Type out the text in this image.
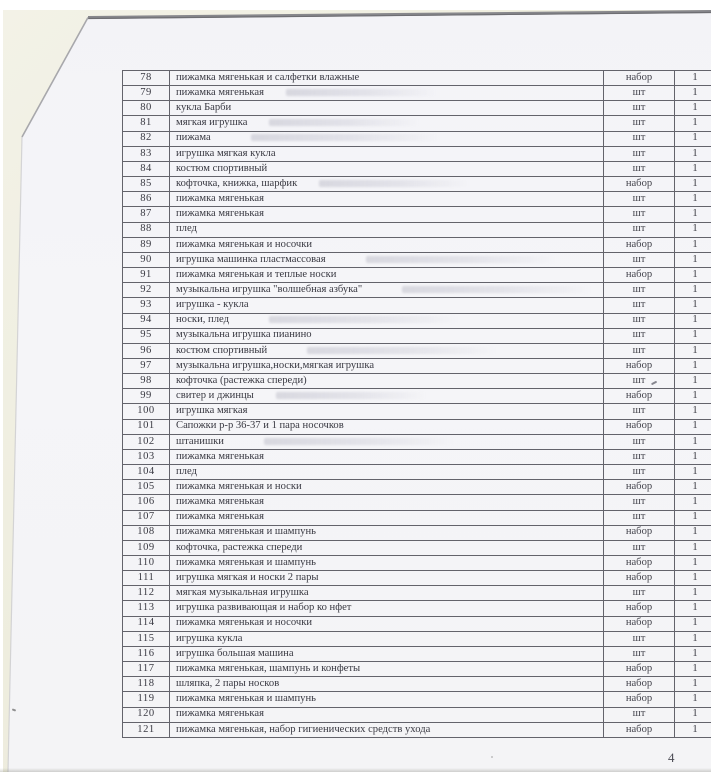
78	пижамка мягенькая и салфетки влажные	набор	1
79	пижамка мягенькая	шт	1
80	кукла Барби	шт	1
81	мягкая игрушка	шт	1
82	пижама	шт	1
83	игрушка мягкая кукла	шт	1
84	костюм спортивный	шт	1
85	кофточка, книжка, шарфик	набор	1
86	пижамка мягенькая	шт	1
87	пижамка мягенькая	шт	1
88	плед	шт	1
89	пижамка мягенькая и носочки	набор	1
90	игрушка машинка пластмассовая	шт	1
91	пижамка мягенькая и теплые носки	набор	1
92	музыкальна игрушка "волшебная азбука"	шт	1
93	игрушка - кукла	шт	1
94	носки, плед	шт	1
95	музыкальна игрушка пианино	шт	1
96	костюм спортивный	шт	1
97	музыкальна игрушка,носки,мягкая игрушка	набор	1
98	кофточка (растежка спереди)	шт	1
99	свитер и джинцы	набор	1
100	игрушка мягкая	шт	1
101	Сапожки р-р 36-37 и 1 пара носочков	набор	1
102	штанишки	шт	1
103	пижамка мягенькая	шт	1
104	плед	шт	1
105	пижамка мягенькая и носки	набор	1
106	пижамка мягенькая	шт	1
107	пижамка мягенькая	шт	1
108	пижамка мягенькая и шампунь	набор	1
109	кофточка, растежка спереди	шт	1
110	пижамка мягенькая и шампунь	набор	1
111	игрушка мягкая и носки 2 пары	набор	1
112	мягкая музыкальная игрушка	шт	1
113	игрушка развивающая и набор ко нфет	набор	1
114	пижамка мягенькая и носочки	набор	1
115	игрушка кукла	шт	1
116	игрушка большая машина	шт	1
117	пижамка мягенькая, шампунь и конфеты	набор	1
118	шляпка, 2 пары носков	набор	1
119	пижамка мягенькая и шампунь	набор	1
120	пижамка мягенькая	шт	1
121	пижамка мягенькая, набор гигиенических средств ухода	набор	1
4
